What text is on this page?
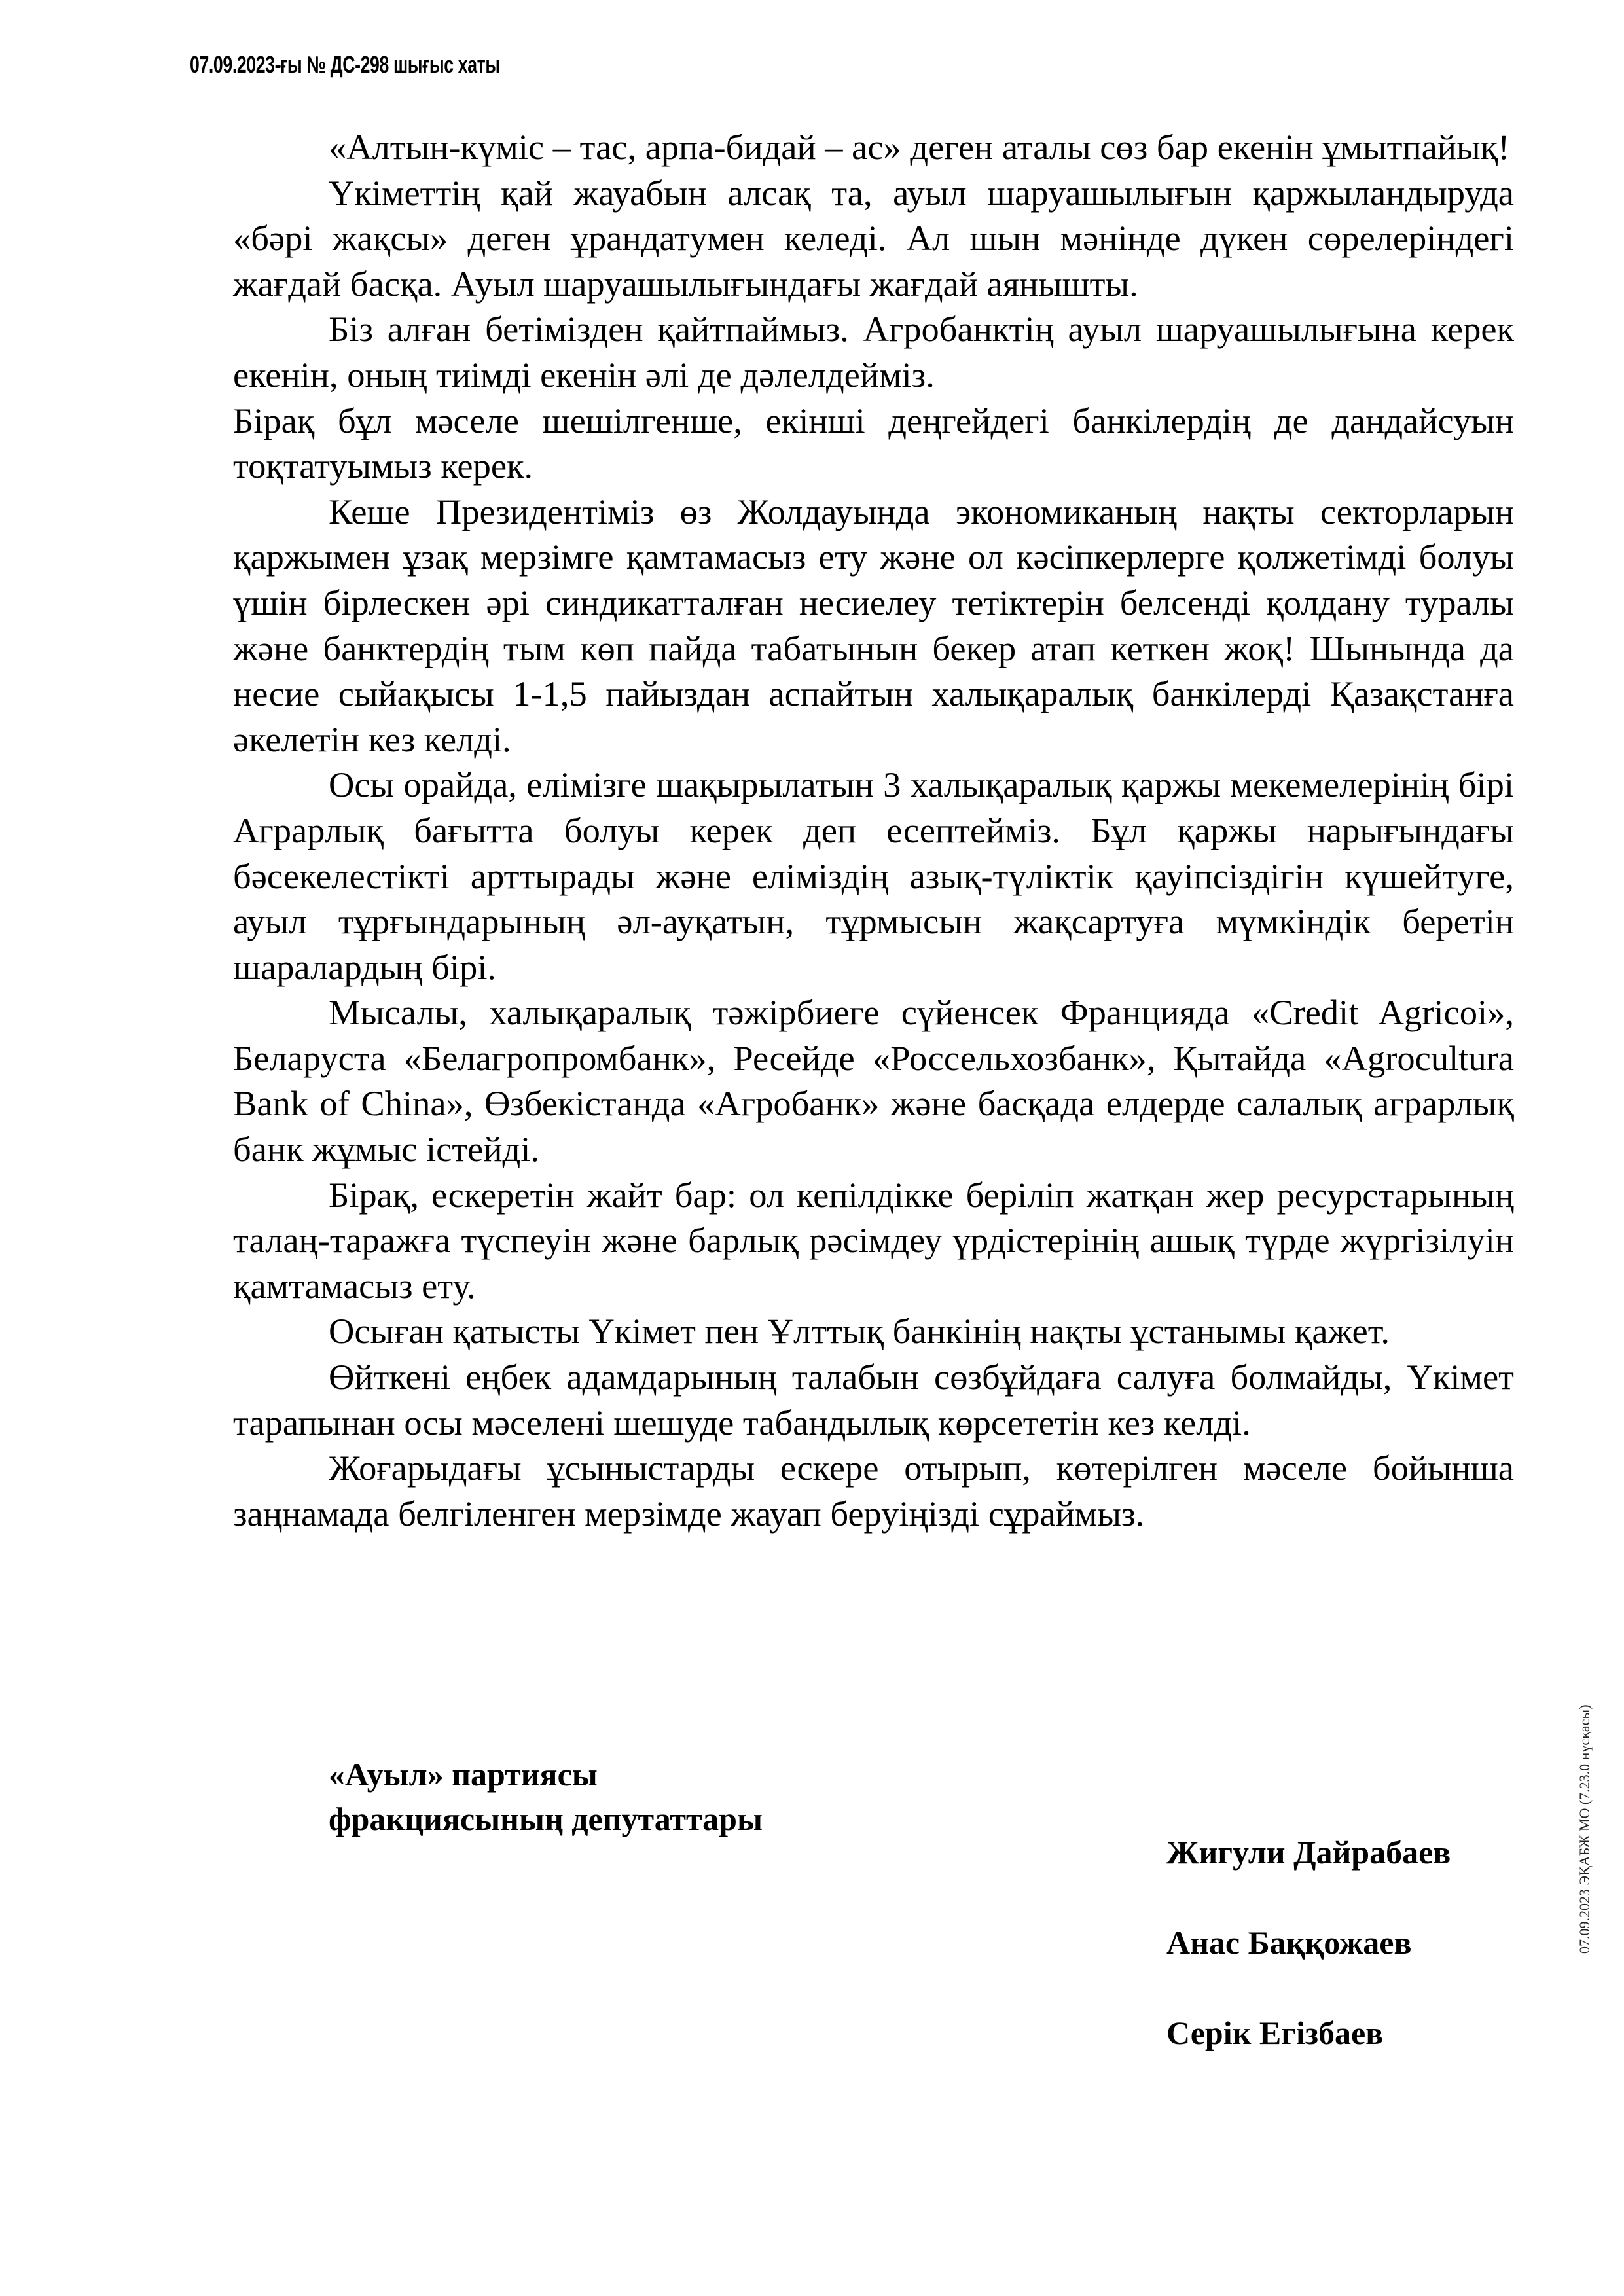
07.09.2023-ғы № ДС-298 шығыс хаты

«Алтын-күміс – тас, арпа-бидай – ас» деген аталы сөз бар екенін ұмытпайық!

Үкіметтің қай жауабын алсақ та, ауыл шаруашылығын қаржыландыруда «бәрі жақсы» деген ұрандатумен келеді. Ал шын мәнінде дүкен сөрелеріндегі жағдай басқа. Ауыл шаруашылығындағы жағдай аянышты.

Біз алған бетімізден қайтпаймыз. Агробанктің ауыл шаруашылығына керек екенін, оның тиімді екенін әлі де дәлелдейміз.

Бірақ бұл мәселе шешілгенше, екінші деңгейдегі банкілердің де дандайсуын тоқтатуымыз керек.

Кеше Президентіміз өз Жолдауында экономиканың нақты секторларын қаржымен ұзақ мерзімге қамтамасыз ету және ол кәсіпкерлерге қолжетімді болуы үшін бірлескен әрі синдикатталған несиелеу тетіктерін белсенді қолдану туралы және банктердің тым көп пайда табатынын бекер атап кеткен жоқ! Шынында да несие сыйақысы 1-1,5 пайыздан аспайтын халықаралық банкілерді Қазақстанға әкелетін кез келді.

Осы орайда, елімізге шақырылатын 3 халықаралық қаржы мекемелерінің бірі Аграрлық бағытта болуы керек деп есептейміз. Бұл қаржы нарығындағы бәсекелестікті арттырады және еліміздің азық-түліктік қауіпсіздігін күшейтуге, ауыл тұрғындарының әл-ауқатын, тұрмысын жақсартуға мүмкіндік беретін шаралардың бірі.

Мысалы, халықаралық тәжірбиеге сүйенсек Францияда «Credit Agricoi», Беларуста «Белагропромбанк», Ресейде «Россельхозбанк», Қытайда «Agrocultura Bank of China», Өзбекістанда «Агробанк» және басқада елдерде салалық аграрлық банк жұмыс істейді.

Бірақ, ескеретін жайт бар: ол кепілдікке беріліп жатқан жер ресурстарының талаң-таражға түспеуін және барлық рәсімдеу үрдістерінің ашық түрде жүргізілуін қамтамасыз ету.

Осыған қатысты Үкімет пен Ұлттық банкінің нақты ұстанымы қажет.

Өйткені еңбек адамдарының талабын сөзбұйдаға салуға болмайды, Үкімет тарапынан осы мәселені шешуде табандылық көрсететін кез келді.

Жоғарыдағы ұсыныстарды ескере отырып, көтерілген мәселе бойынша заңнамада белгіленген мерзімде жауап беруіңізді сұраймыз.

«Ауыл» партиясы
фракциясының депутаттары
Жигули Дайрабаев
Анас Баққожаев
Серік Егізбаев
07.09.2023 ЭҚАБЖ МО (7.23.0 нұсқасы)
